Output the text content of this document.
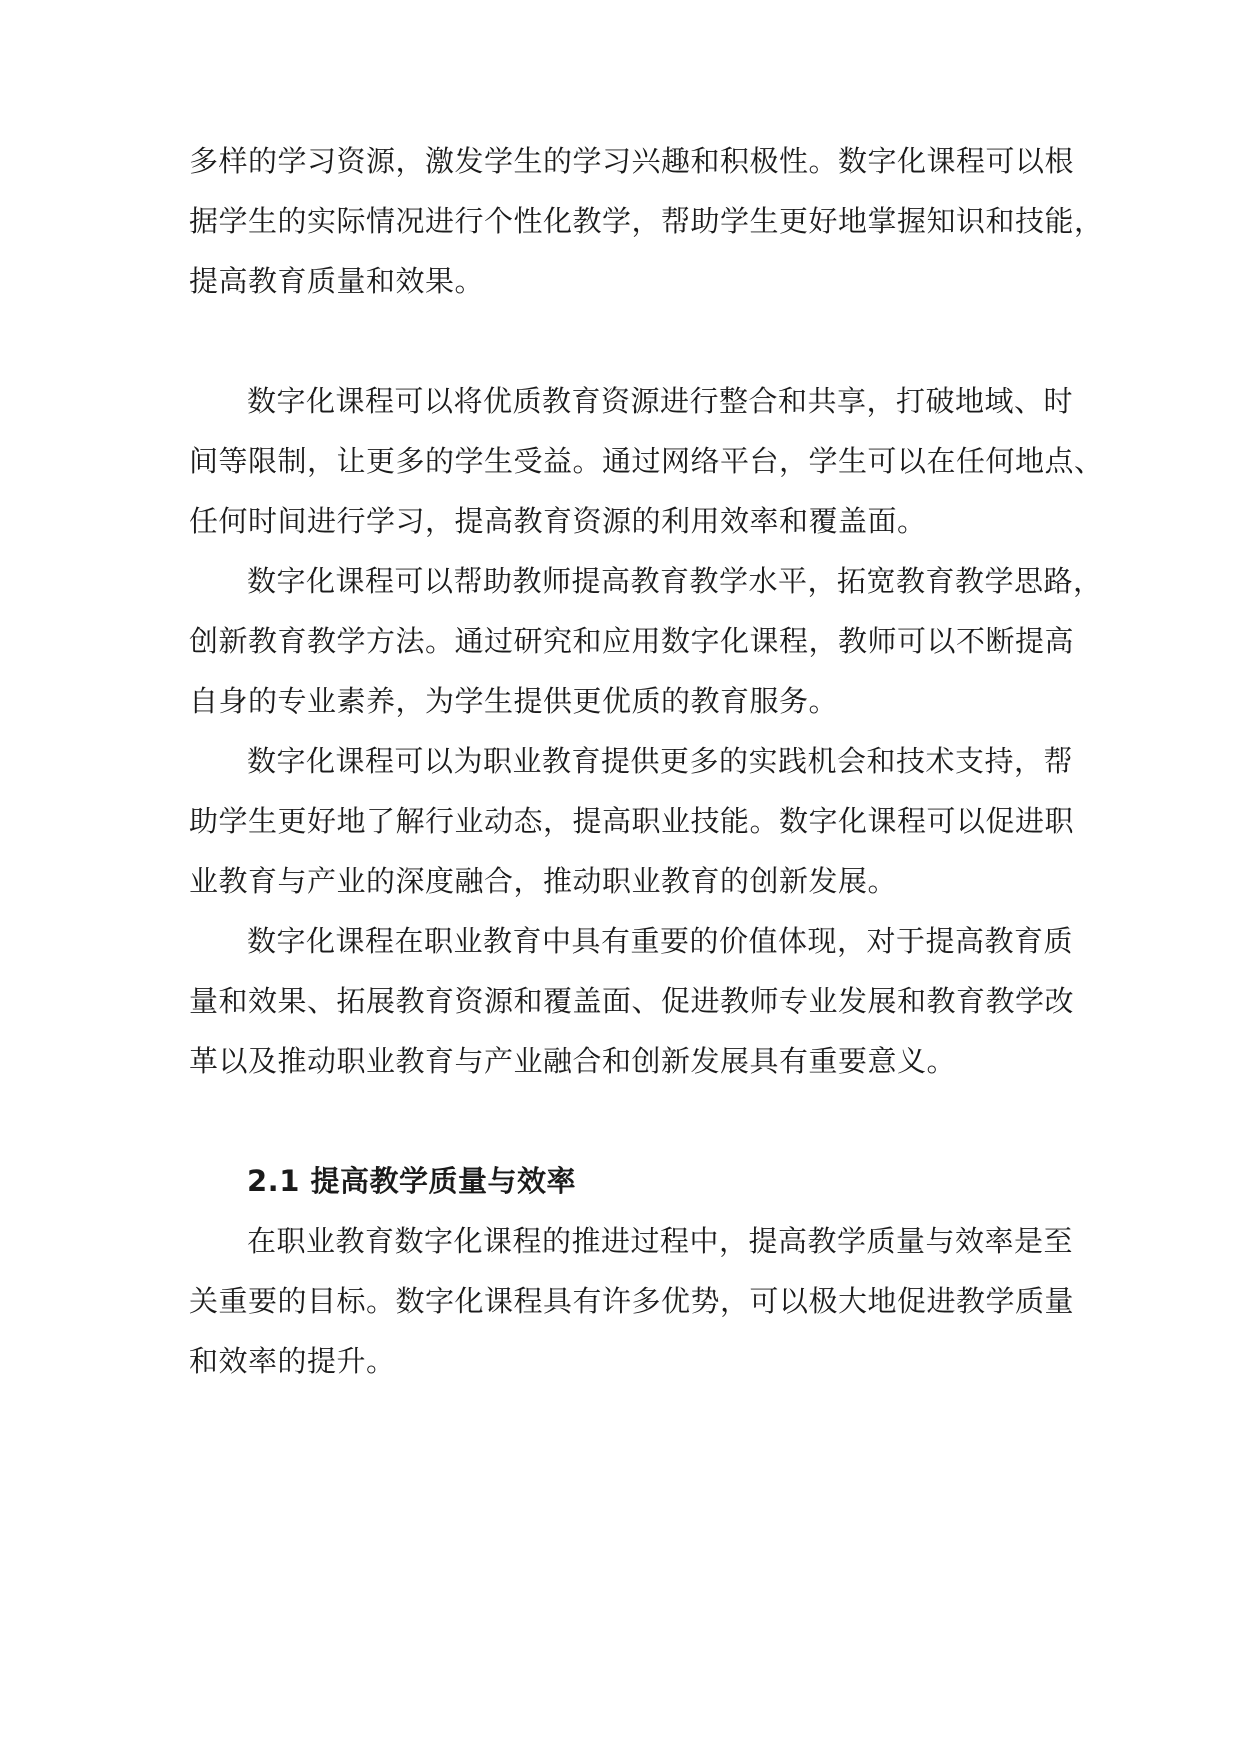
多样的学习资源，激发学生的学习兴趣和积极性。数字化课程可以根

据学生的实际情况进行个性化教学，帮助学生更好地掌握知识和技能，

提高教育质量和效果。

数字化课程可以将优质教育资源进行整合和共享，打破地域、时

间等限制，让更多的学生受益。通过网络平台，学生可以在任何地点、

任何时间进行学习，提高教育资源的利用效率和覆盖面。

数字化课程可以帮助教师提高教育教学水平，拓宽教育教学思路，

创新教育教学方法。通过研究和应用数字化课程，教师可以不断提高

自身的专业素养，为学生提供更优质的教育服务。

数字化课程可以为职业教育提供更多的实践机会和技术支持，帮

助学生更好地了解行业动态，提高职业技能。数字化课程可以促进职

业教育与产业的深度融合，推动职业教育的创新发展。

数字化课程在职业教育中具有重要的价值体现，对于提高教育质

量和效果、拓展教育资源和覆盖面、促进教师专业发展和教育教学改

革以及推动职业教育与产业融合和创新发展具有重要意义。

2.1 提高教学质量与效率

在职业教育数字化课程的推进过程中，提高教学质量与效率是至

关重要的目标。数字化课程具有许多优势，可以极大地促进教学质量

和效率的提升。
